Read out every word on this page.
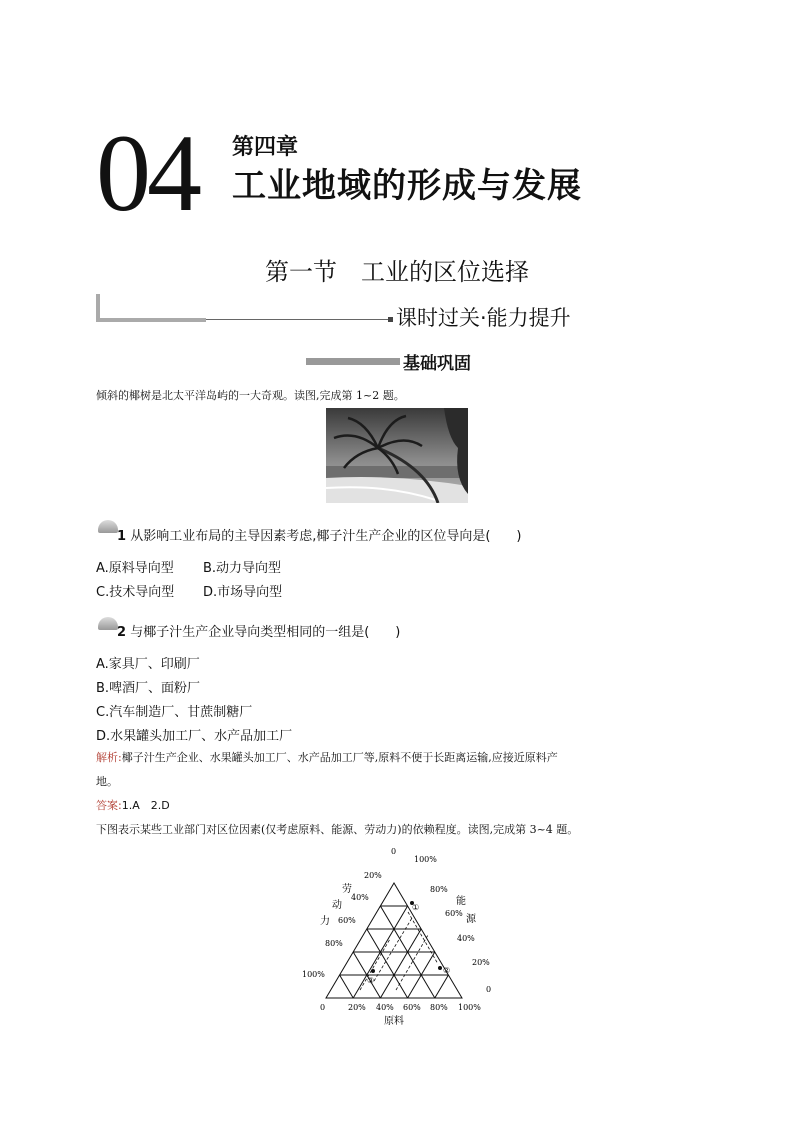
04 第四章
工业地域的形成与发展
第一节　工业的区位选择
课时过关·能力提升
基础巩固
倾斜的椰树是北太平洋岛屿的一大奇观。读图,完成第 1~2 题。
1 从影响工业布局的主导因素考虑,椰子汁生产企业的区位导向是(　　)
A.原料导向型 B.动力导向型
C.技术导向型 D.市场导向型
2 与椰子汁生产企业导向类型相同的一组是(　　)
A.家具厂、印刷厂
B.啤酒厂、面粉厂
C.汽车制造厂、甘蔗制糖厂
D.水果罐头加工厂、水产品加工厂
解析:椰子汁生产企业、水果罐头加工厂、水产品加工厂等,原料不便于长距离运输,应接近原料产
地。
答案:1.A　2.D
下图表示某些工业部门对区位因素(仅考虑原料、能源、劳动力)的依赖程度。读图,完成第 3~4 题。
①
②
③
0
20%
40%
60%
80%
100%
100%
80%
60%
40%
20%
0
0	20% 40% 60% 80% 100%
劳
动
力
能
源
原料
